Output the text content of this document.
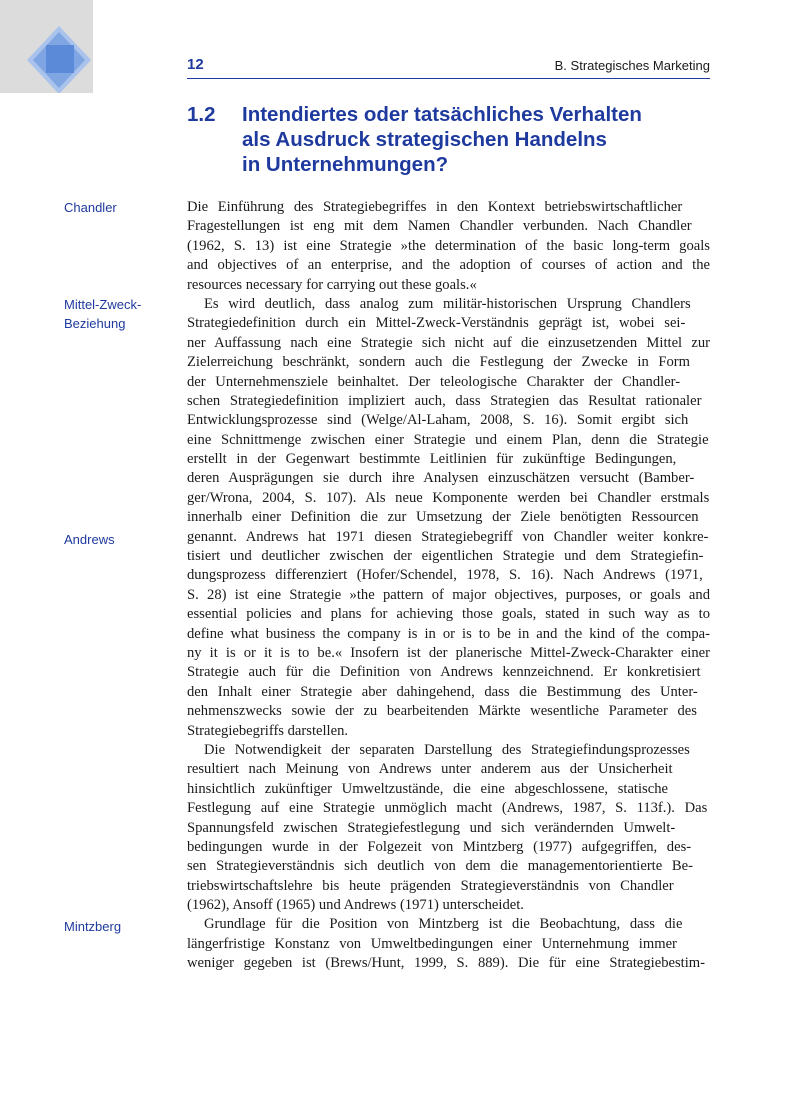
12	B. Strategisches Marketing
1.2 Intendiertes oder tatsächliches Verhalten
als Ausdruck strategischen Handelns
in Unternehmungen?
Chandler
Mittel-Zweck-
Beziehung
Andrews
Mintzberg
Die Einführung des Strategiebegriffes in den Kontext betriebswirtschaftlicher
Fragestellungen ist eng mit dem Namen Chandler verbunden. Nach Chandler
(1962, S. 13) ist eine Strategie »the determination of the basic long-term goals
and objectives of an enterprise, and the adoption of courses of action and the
resources necessary for carrying out these goals.«
Es wird deutlich, dass analog zum militär-historischen Ursprung Chandlers
Strategiedefinition durch ein Mittel-Zweck-Verständnis geprägt ist, wobei sei-
ner Auffassung nach eine Strategie sich nicht auf die einzusetzenden Mittel zur
Zielerreichung beschränkt, sondern auch die Festlegung der Zwecke in Form
der Unternehmensziele beinhaltet. Der teleologische Charakter der Chandler-
schen Strategiedefinition impliziert auch, dass Strategien das Resultat rationaler
Entwicklungsprozesse sind (Welge/Al-Laham, 2008, S. 16). Somit ergibt sich
eine Schnittmenge zwischen einer Strategie und einem Plan, denn die Strategie
erstellt in der Gegenwart bestimmte Leitlinien für zukünftige Bedingungen,
deren Ausprägungen sie durch ihre Analysen einzuschätzen versucht (Bamber-
ger/Wrona, 2004, S. 107). Als neue Komponente werden bei Chandler erstmals
innerhalb einer Definition die zur Umsetzung der Ziele benötigten Ressourcen
genannt. Andrews hat 1971 diesen Strategiebegriff von Chandler weiter konkre-
tisiert und deutlicher zwischen der eigentlichen Strategie und dem Strategiefin-
dungsprozess differenziert (Hofer/Schendel, 1978, S. 16). Nach Andrews (1971,
S. 28) ist eine Strategie »the pattern of major objectives, purposes, or goals and
essential policies and plans for achieving those goals, stated in such way as to
define what business the company is in or is to be in and the kind of the compa-
ny it is or it is to be.« Insofern ist der planerische Mittel-Zweck-Charakter einer
Strategie auch für die Definition von Andrews kennzeichnend. Er konkretisiert
den Inhalt einer Strategie aber dahingehend, dass die Bestimmung des Unter-
nehmenszwecks sowie der zu bearbeitenden Märkte wesentliche Parameter des
Strategiebegriffs darstellen.
Die Notwendigkeit der separaten Darstellung des Strategiefindungsprozesses
resultiert nach Meinung von Andrews unter anderem aus der Unsicherheit
hinsichtlich zukünftiger Umweltzustände, die eine abgeschlossene, statische
Festlegung auf eine Strategie unmöglich macht (Andrews, 1987, S. 113f.). Das
Spannungsfeld zwischen Strategiefestlegung und sich verändernden Umwelt-
bedingungen wurde in der Folgezeit von Mintzberg (1977) aufgegriffen, des-
sen Strategieverständnis sich deutlich von dem die managementorientierte Be-
triebswirtschaftslehre bis heute prägenden Strategieverständnis von Chandler
(1962), Ansoff (1965) und Andrews (1971) unterscheidet.
Grundlage für die Position von Mintzberg ist die Beobachtung, dass die
längerfristige Konstanz von Umweltbedingungen einer Unternehmung immer
weniger gegeben ist (Brews/Hunt, 1999, S. 889). Die für eine Strategiebestim-
